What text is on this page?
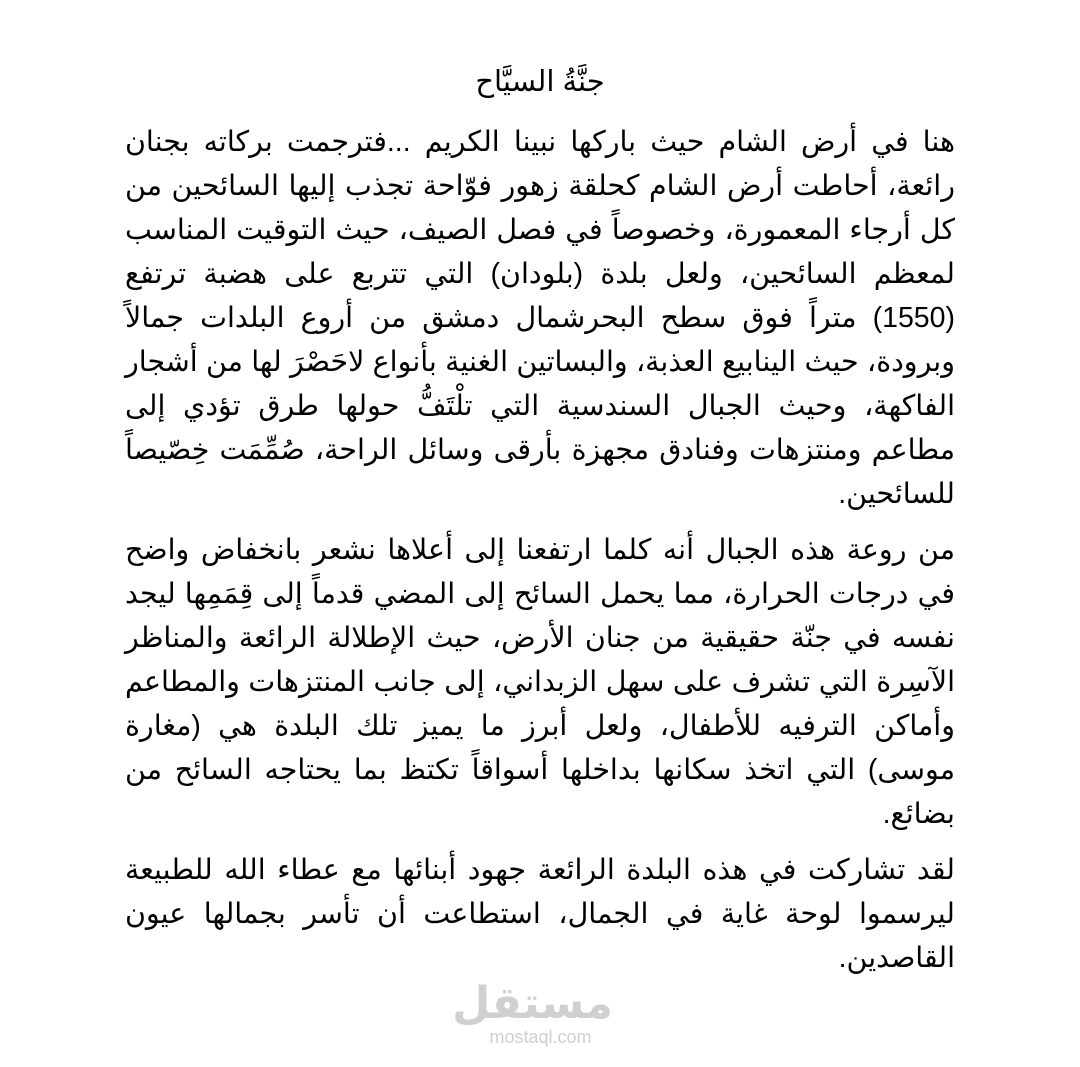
جنَّةُ السيَّاح

هنا في أرض الشام حيث باركها نبينا الكريم ...فترجمت بركاته بجنان رائعة، أحاطت أرض الشام كحلقة زهور فوّاحة تجذب إليها السائحين من كل أرجاء المعمورة، وخصوصاً في فصل الصيف، حيث التوقيت المناسب لمعظم السائحين، ولعل بلدة (بلودان) التي تتربع على هضبة ترتفع (1550) متراً فوق سطح البحرشمال دمشق من أروع البلدات جمالاً وبرودة، حيث الينابيع العذبة، والبساتين الغنية بأنواع لاحَصْرَ لها من أشجار الفاكهة، وحيث الجبال السندسية التي تلْتَفُّ حولها طرق تؤدي إلى مطاعم ومنتزهات وفنادق مجهزة بأرقى وسائل الراحة، صُمِّمَت خِصّيصاً للسائحين.

من روعة هذه الجبال أنه كلما ارتفعنا إلى أعلاها نشعر بانخفاض واضح في درجات الحرارة، مما يحمل السائح إلى المضي قدماً إلى قِمَمِها ليجد نفسه في جنّة حقيقية من جنان الأرض، حيث الإطلالة الرائعة والمناظر الآسِرة التي تشرف على سهل الزبداني، إلى جانب المنتزهات والمطاعم وأماكن الترفيه للأطفال، ولعل أبرز ما يميز تلك البلدة هي (مغارة موسى) التي اتخذ سكانها بداخلها أسواقاً تكتظ بما يحتاجه السائح من بضائع.

لقد تشاركت في هذه البلدة الرائعة جهود أبنائها مع عطاء الله للطبيعة ليرسموا لوحة غاية في الجمال، استطاعت أن تأسر بجمالها عيون القاصدين.

مستقل
mostaql.com
